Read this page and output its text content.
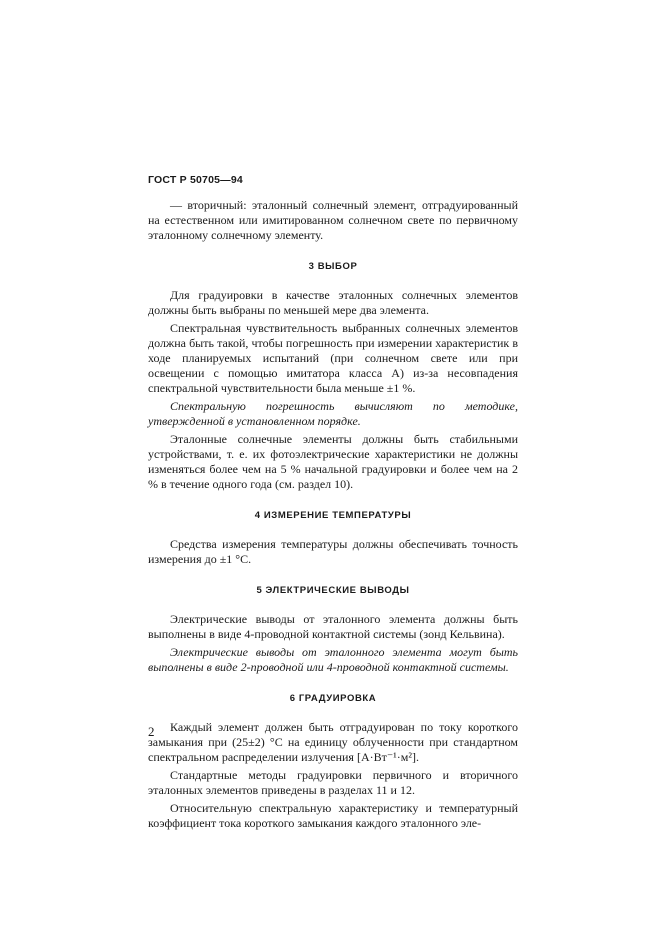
ГОСТ Р 50705—94

— вторичный: эталонный солнечный элемент, отградуированный на естественном или имитированном солнечном свете по первичному эталонному солнечному элементу.

3 ВЫБОР

Для градуировки в качестве эталонных солнечных элементов должны быть выбраны по меньшей мере два элемента.

Спектральная чувствительность выбранных солнечных элементов должна быть такой, чтобы погрешность при измерении характеристик в ходе планируемых испытаний (при солнечном свете или при освещении с помощью имитатора класса А) из-за несовпадения спектральной чувствительности была меньше ±1 %.

Спектральную погрешность вычисляют по методике, утвержденной в установленном порядке.

Эталонные солнечные элементы должны быть стабильными устройствами, т. е. их фотоэлектрические характеристики не должны изменяться более чем на 5 % начальной градуировки и более чем на 2 % в течение одного года (см. раздел 10).

4 ИЗМЕРЕНИЕ ТЕМПЕРАТУРЫ

Средства измерения температуры должны обеспечивать точность измерения до ±1 °С.

5 ЭЛЕКТРИЧЕСКИЕ ВЫВОДЫ

Электрические выводы от эталонного элемента должны быть выполнены в виде 4-проводной контактной системы (зонд Кельвина).

Электрические выводы от эталонного элемента могут быть выполнены в виде 2-проводной или 4-проводной контактной системы.

6 ГРАДУИРОВКА

Каждый элемент должен быть отградуирован по току короткого замыкания при (25±2) °С на единицу облученности при стандартном спектральном распределении излучения [А·Вт⁻¹·м²].

Стандартные методы градуировки первичного и вторичного эталонных элементов приведены в разделах 11 и 12.

Относительную спектральную характеристику и температурный коэффициент тока короткого замыкания каждого эталонного эле-

2
